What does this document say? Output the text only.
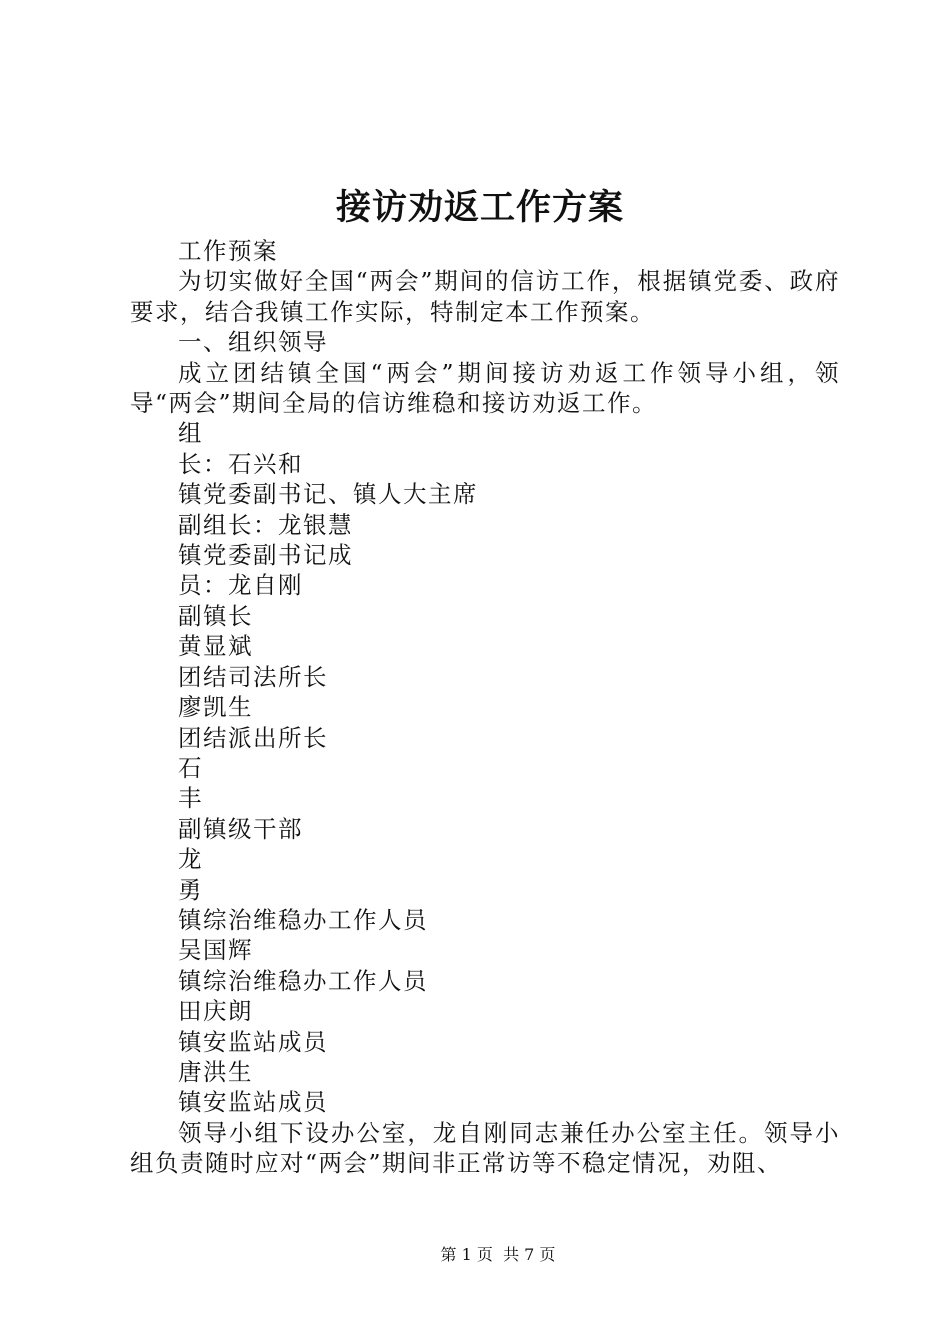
接访劝返工作方案

工作预案

为切实做好全国“两会”期间的信访工作，根据镇党委、政府要求，结合我镇工作实际，特制定本工作预案。

一、组织领导

成立团结镇全国“两会”期间接访劝返工作领导小组，领导“两会”期间全局的信访维稳和接访劝返工作。

组

长：石兴和

镇党委副书记、镇人大主席

副组长：龙银慧

镇党委副书记成

员：龙自刚

副镇长

黄显斌

团结司法所长

廖凯生

团结派出所长

石

丰

副镇级干部

龙

勇

镇综治维稳办工作人员

吴国辉

镇综治维稳办工作人员

田庆朗

镇安监站成员

唐洪生

镇安监站成员

领导小组下设办公室，龙自刚同志兼任办公室主任。领导小组负责随时应对“两会”期间非正常访等不稳定情况，劝阻、

第 1 页  共 7 页
